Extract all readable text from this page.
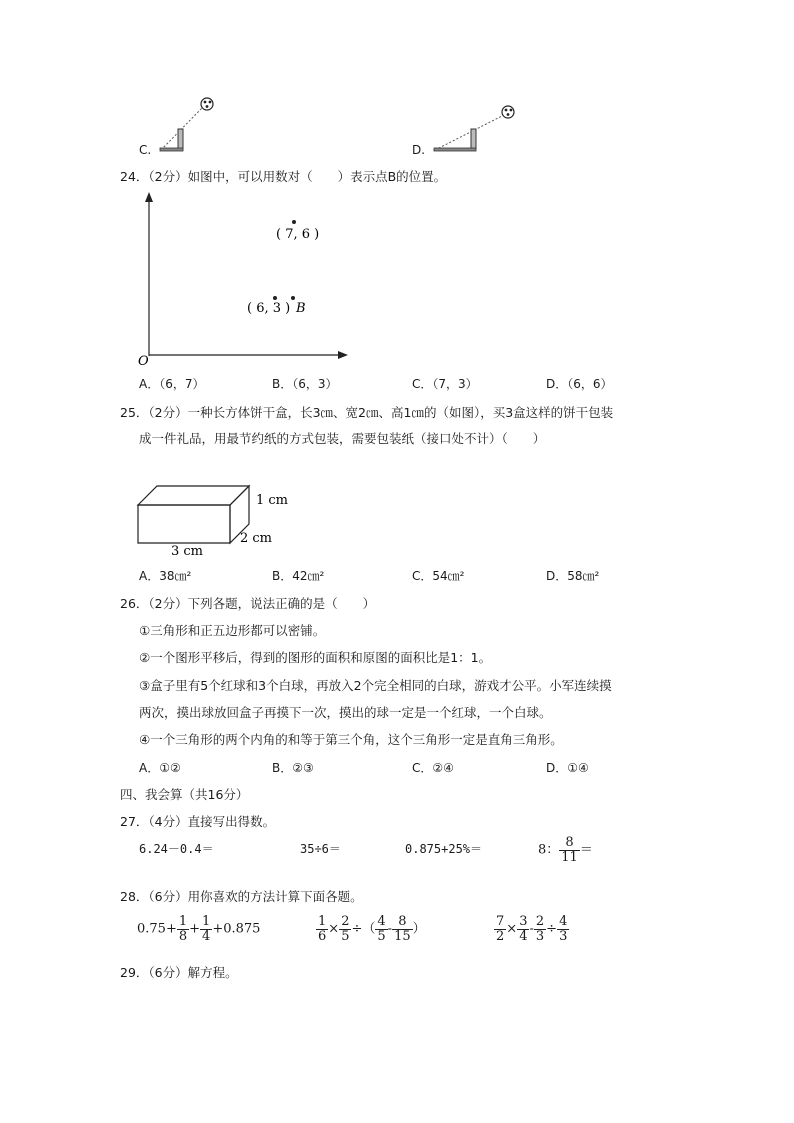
C.	D.
24．（2分）如图中，可以用数对（　　）表示点B的位置。
O
( 7, 6 )
( 6, 3 ) B
A．（6，7）	B．（6，3）	C．（7，3）	D．（6，6）
25．（2分）一种长方体饼干盒，长3㎝、宽2㎝、高1㎝的（如图），买3盒这样的饼干包装
成一件礼品，用最节约纸的方式包装，需要包装纸（接口处不计）（　　）
1 cm
2 cm
3 cm
A．38㎝²	B．42㎝²	C．54㎝²	D．58㎝²
26．（2分）下列各题，说法正确的是（　　）
①三角形和正五边形都可以密铺。
②一个图形平移后，得到的图形的面积和原图的面积比是1：1。
③盒子里有5个红球和3个白球，再放入2个完全相同的白球，游戏才公平。小军连续摸
两次，摸出球放回盒子再摸下一次，摸出的球一定是一个红球，一个白球。
④一个三角形的两个内角的和等于第三个角，这个三角形一定是直角三角形。
A．①②	B．②③	C．②④	D．①④
四、我会算（共16分）
27．（4分）直接写出得数。
6.24－0.4＝	35÷6＝	0.875+25%＝	8： $\frac{8}{11}$ ＝
28．（6分）用你喜欢的方法计算下面各题。
$0.75+ \frac{1}{8} + \frac{1}{4} +0.875$	$\frac{1}{6} \times \frac{2}{5}$ ÷（ $\frac{4}{5} - \frac{8}{15}$ ）	$\frac{7}{2} \times \frac{3}{4} - \frac{2}{3} \div \frac{4}{3}$
29．（6分）解方程。
